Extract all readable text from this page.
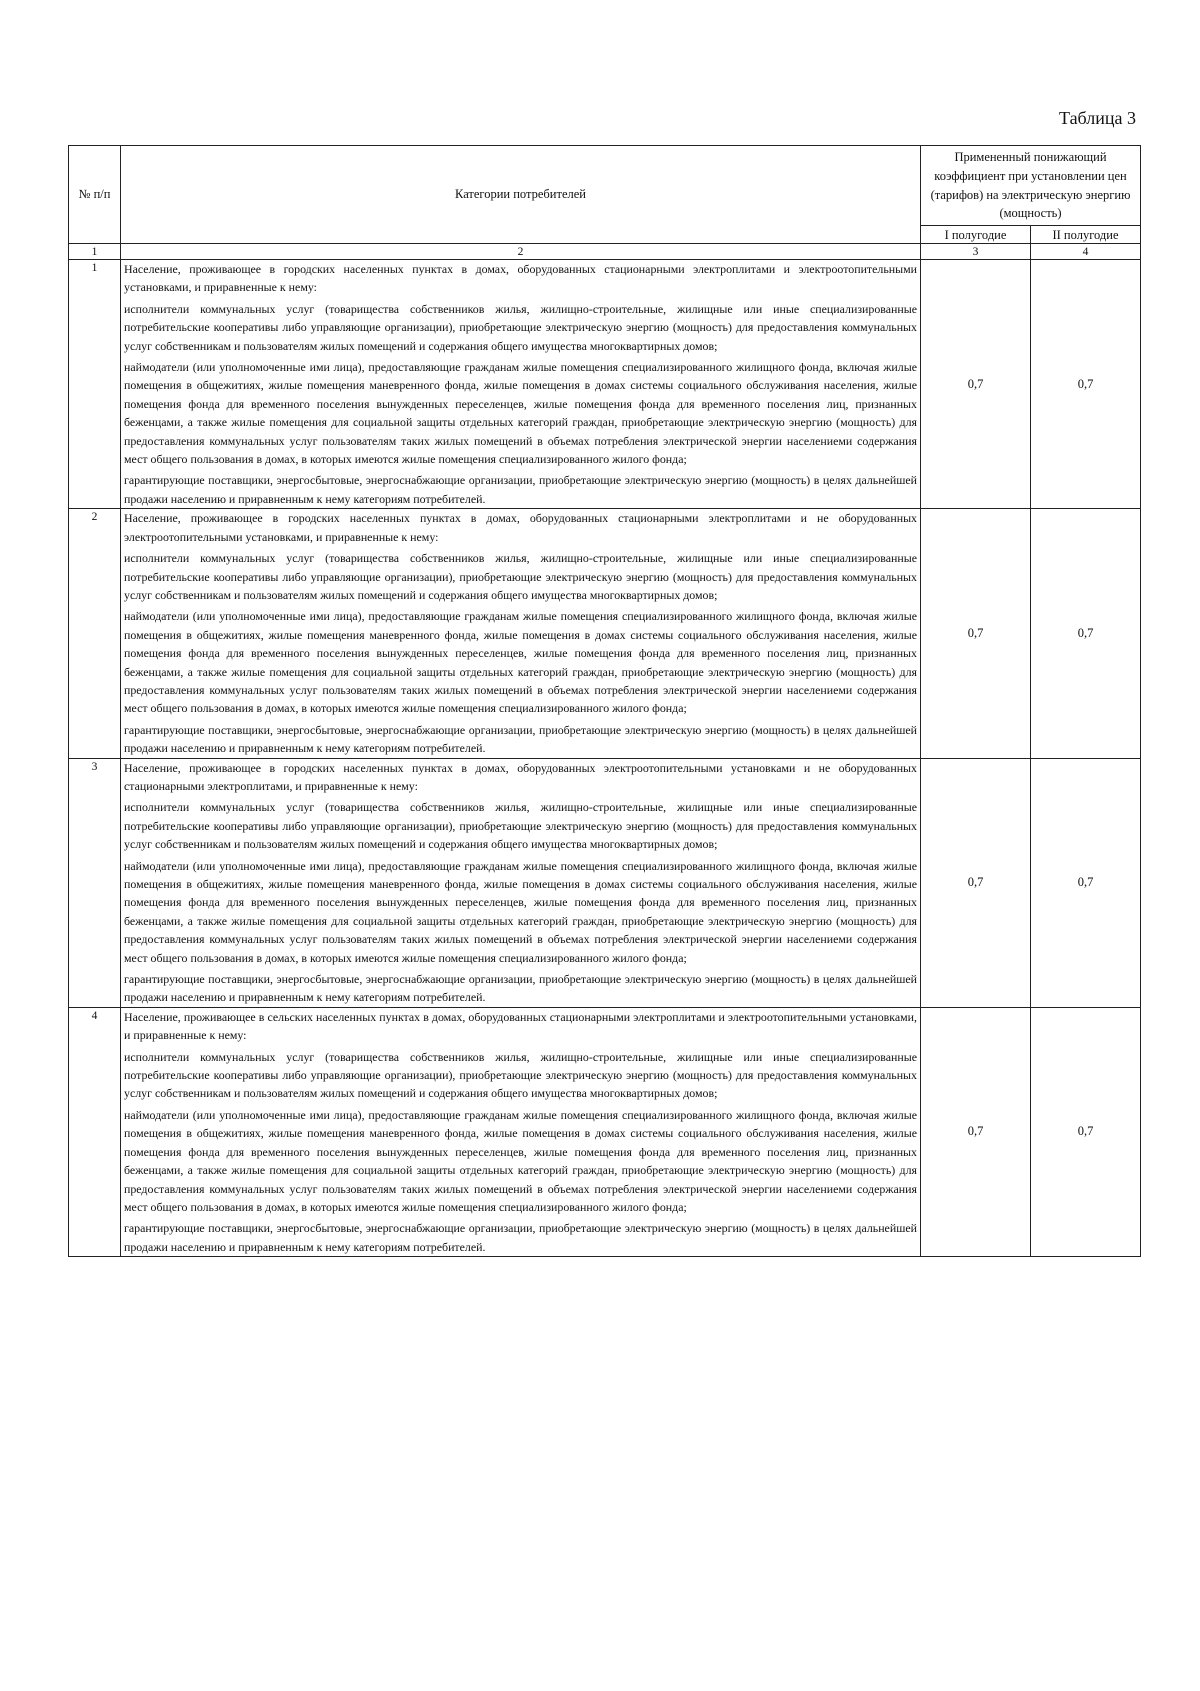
Таблица 3
№ п/п	Категории потребителей	Примененный понижающий коэффициент при установлении цен (тарифов) на электрическую энергию (мощность)	
		I полугодие	II полугодие
1	2	3	4
1	Население, проживающее в городских населенных пунктах в домах, оборудованных стационарными электроплитами и электроотопительными установками, и приравненные к нему:

исполнители коммунальных услуг (товарищества собственников жилья, жилищно-строительные, жилищные или иные специализированные потребительские кооперативы либо управляющие организации), приобретающие электрическую энергию (мощность) для предоставления коммунальных услуг собственникам и пользователям жилых помещений и содержания общего имущества многоквартирных домов;

наймодатели (или уполномоченные ими лица), предоставляющие гражданам жилые помещения специализированного жилищного фонда, включая жилые помещения в общежитиях, жилые помещения маневренного фонда, жилые помещения в домах системы социального обслуживания населения, жилые помещения фонда для временного поселения вынужденных переселенцев, жилые помещения фонда для временного поселения лиц, признанных беженцами, а также жилые помещения для социальной защиты отдельных категорий граждан, приобретающие электрическую энергию (мощность) для предоставления коммунальных услуг пользователям таких жилых помещений в объемах потребления электрической энергии населениеми содержания мест общего пользования в домах, в которых имеются жилые помещения специализированного жилого фонда;

гарантирующие поставщики, энергосбытовые, энергоснабжающие организации, приобретающие электрическую энергию (мощность) в целях дальнейшей продажи населению и приравненным к нему категориям потребителей.	0,7	0,7
2	Население, проживающее в городских населенных пунктах в домах, оборудованных стационарными электроплитами и не оборудованных электроотопительными установками, и приравненные к нему:

исполнители коммунальных услуг (товарищества собственников жилья, жилищно-строительные, жилищные или иные специализированные потребительские кооперативы либо управляющие организации), приобретающие электрическую энергию (мощность) для предоставления коммунальных услуг собственникам и пользователям жилых помещений и содержания общего имущества многоквартирных домов;

наймодатели (или уполномоченные ими лица), предоставляющие гражданам жилые помещения специализированного жилищного фонда, включая жилые помещения в общежитиях, жилые помещения маневренного фонда, жилые помещения в домах системы социального обслуживания населения, жилые помещения фонда для временного поселения вынужденных переселенцев, жилые помещения фонда для временного поселения лиц, признанных беженцами, а также жилые помещения для социальной защиты отдельных категорий граждан, приобретающие электрическую энергию (мощность) для предоставления коммунальных услуг пользователям таких жилых помещений в объемах потребления электрической энергии населениеми содержания мест общего пользования в домах, в которых имеются жилые помещения специализированного жилого фонда;

гарантирующие поставщики, энергосбытовые, энергоснабжающие организации, приобретающие электрическую энергию (мощность) в целях дальнейшей продажи населению и приравненным к нему категориям потребителей.	0,7	0,7
3	Население, проживающее в городских населенных пунктах в домах, оборудованных электроотопительными установками и не оборудованных стационарными электроплитами, и приравненные к нему:

исполнители коммунальных услуг (товарищества собственников жилья, жилищно-строительные, жилищные или иные специализированные потребительские кооперативы либо управляющие организации), приобретающие электрическую энергию (мощность) для предоставления коммунальных услуг собственникам и пользователям жилых помещений и содержания общего имущества многоквартирных домов;

наймодатели (или уполномоченные ими лица), предоставляющие гражданам жилые помещения специализированного жилищного фонда, включая жилые помещения в общежитиях, жилые помещения маневренного фонда, жилые помещения в домах системы социального обслуживания населения, жилые помещения фонда для временного поселения вынужденных переселенцев, жилые помещения фонда для временного поселения лиц, признанных беженцами, а также жилые помещения для социальной защиты отдельных категорий граждан, приобретающие электрическую энергию (мощность) для предоставления коммунальных услуг пользователям таких жилых помещений в объемах потребления электрической энергии населениеми содержания мест общего пользования в домах, в которых имеются жилые помещения специализированного жилого фонда;

гарантирующие поставщики, энергосбытовые, энергоснабжающие организации, приобретающие электрическую энергию (мощность) в целях дальнейшей продажи населению и приравненным к нему категориям потребителей.	0,7	0,7
4	Население, проживающее в сельских населенных пунктах в домах, оборудованных стационарными электроплитами и электроотопительными установками, и приравненные к нему:

исполнители коммунальных услуг (товарищества собственников жилья, жилищно-строительные, жилищные или иные специализированные потребительские кооперативы либо управляющие организации), приобретающие электрическую энергию (мощность) для предоставления коммунальных услуг собственникам и пользователям жилых помещений и содержания общего имущества многоквартирных домов;

наймодатели (или уполномоченные ими лица), предоставляющие гражданам жилые помещения специализированного жилищного фонда, включая жилые помещения в общежитиях, жилые помещения маневренного фонда, жилые помещения в домах системы социального обслуживания населения, жилые помещения фонда для временного поселения вынужденных переселенцев, жилые помещения фонда для временного поселения лиц, признанных беженцами, а также жилые помещения для социальной защиты отдельных категорий граждан, приобретающие электрическую энергию (мощность) для предоставления коммунальных услуг пользователям таких жилых помещений в объемах потребления электрической энергии населениеми содержания мест общего пользования в домах, в которых имеются жилые помещения специализированного жилого фонда;

гарантирующие поставщики, энергосбытовые, энергоснабжающие организации, приобретающие электрическую энергию (мощность) в целях дальнейшей продажи населению и приравненным к нему категориям потребителей.	0,7	0,7
